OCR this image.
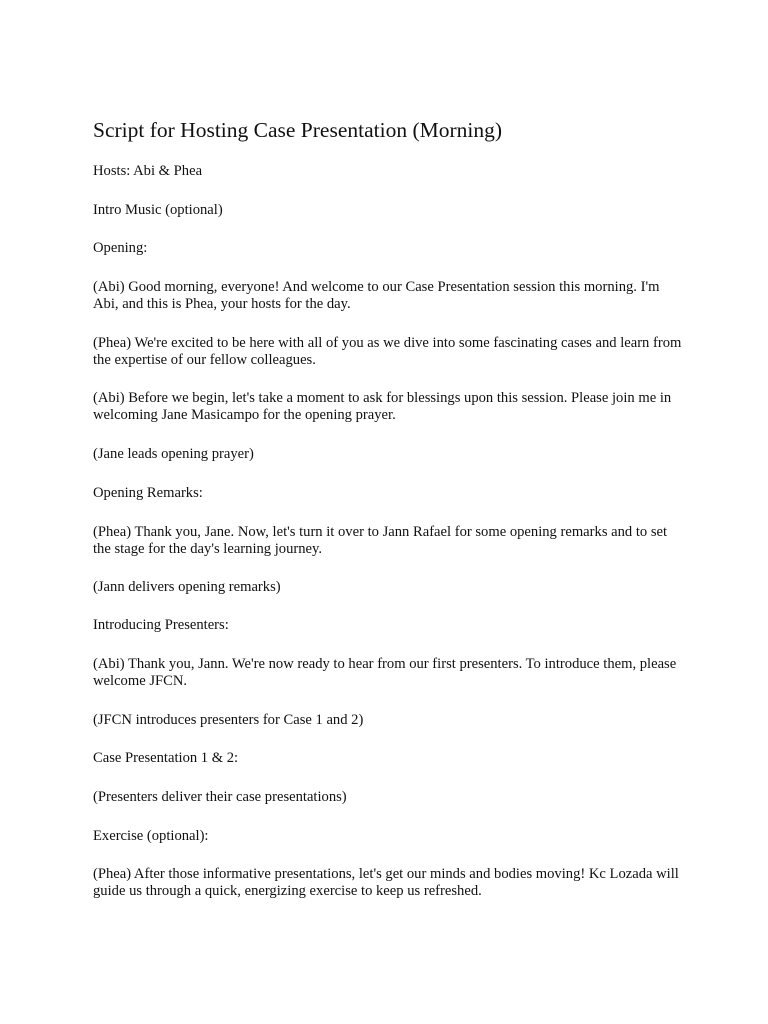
Script for Hosting Case Presentation (Morning)

Hosts: Abi & Phea

Intro Music (optional)

Opening:

(Abi) Good morning, everyone! And welcome to our Case Presentation session this morning. I'm Abi, and this is Phea, your hosts for the day.

(Phea) We're excited to be here with all of you as we dive into some fascinating cases and learn from the expertise of our fellow colleagues.

(Abi) Before we begin, let's take a moment to ask for blessings upon this session. Please join me in welcoming Jane Masicampo for the opening prayer.

(Jane leads opening prayer)

Opening Remarks:

(Phea) Thank you, Jane. Now, let's turn it over to Jann Rafael for some opening remarks and to set the stage for the day's learning journey.

(Jann delivers opening remarks)

Introducing Presenters:

(Abi) Thank you, Jann. We're now ready to hear from our first presenters. To introduce them, please welcome JFCN.

(JFCN introduces presenters for Case 1 and 2)

Case Presentation 1 & 2:

(Presenters deliver their case presentations)

Exercise (optional):

(Phea) After those informative presentations, let's get our minds and bodies moving! Kc Lozada will guide us through a quick, energizing exercise to keep us refreshed.
